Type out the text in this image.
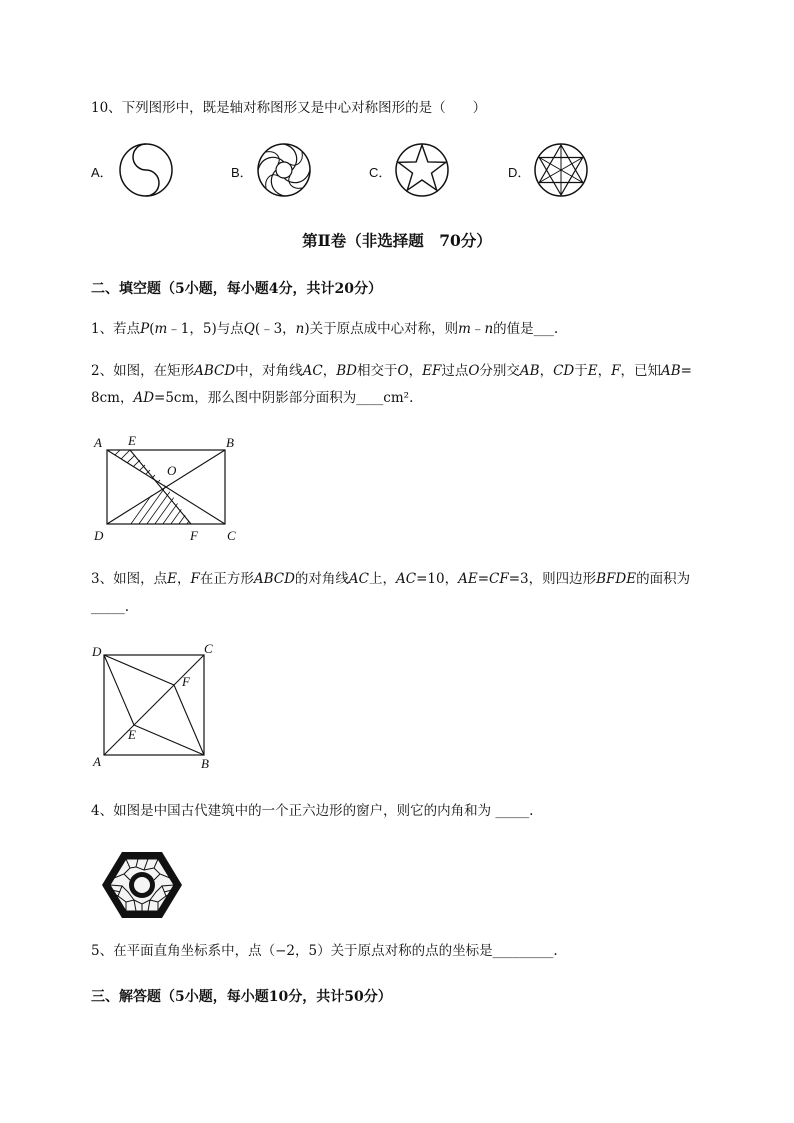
10、下列图形中，既是轴对称图形又是中心对称图形的是（　　）
A．	B．	C．	D．
第Ⅱ卷（非选择题　70分）
二、填空题（5小题，每小题4分，共计20分）
1、若点P(m﹣1，5)与点Q(﹣3，n)关于原点成中心对称，则m﹣n的值是___.
2、如图，在矩形ABCD中，对角线AC，BD相交于O，EF过点O分别交AB，CD于E，F，已知AB=
8cm，AD=5cm，那么图中阴影部分面积为____cm².
A E	B
O
D	F C
3、如图，点E，F在正方形ABCD的对角线AC上，AC=10，AE=CF=3，则四边形BFDE的面积为
_____.
D	C
F
E
A	B
4、如图是中国古代建筑中的一个正六边形的窗户，则它的内角和为 _____.
5、在平面直角坐标系中，点（−2，5）关于原点对称的点的坐标是_________.
三、解答题（5小题，每小题10分，共计50分）
